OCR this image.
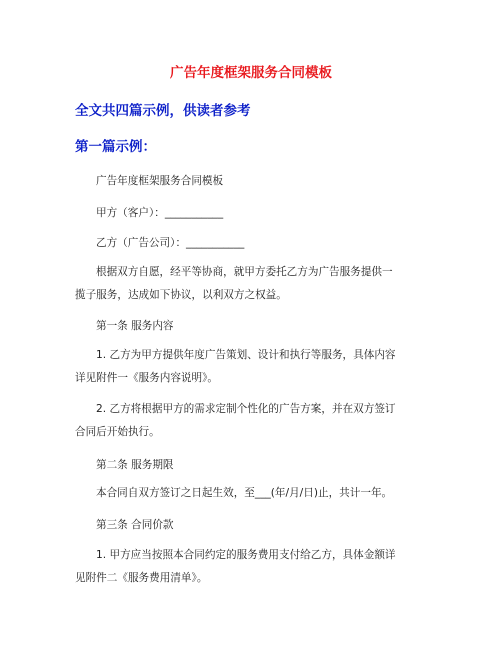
广告年度框架服务合同模板
全文共四篇示例，供读者参考
第一篇示例：
广告年度框架服务合同模板
甲方（客户）：___________
乙方（广告公司）：___________
根据双方自愿，经平等协商，就甲方委托乙方为广告服务提供一
揽子服务，达成如下协议，以利双方之权益。
第一条 服务内容
1. 乙方为甲方提供年度广告策划、设计和执行等服务，具体内容
详见附件一《服务内容说明》。
2. 乙方将根据甲方的需求定制个性化的广告方案，并在双方签订
合同后开始执行。
第二条 服务期限
本合同自双方签订之日起生效，至___(年/月/日)止，共计一年。
第三条 合同价款
1. 甲方应当按照本合同约定的服务费用支付给乙方，具体金额详
见附件二《服务费用清单》。
